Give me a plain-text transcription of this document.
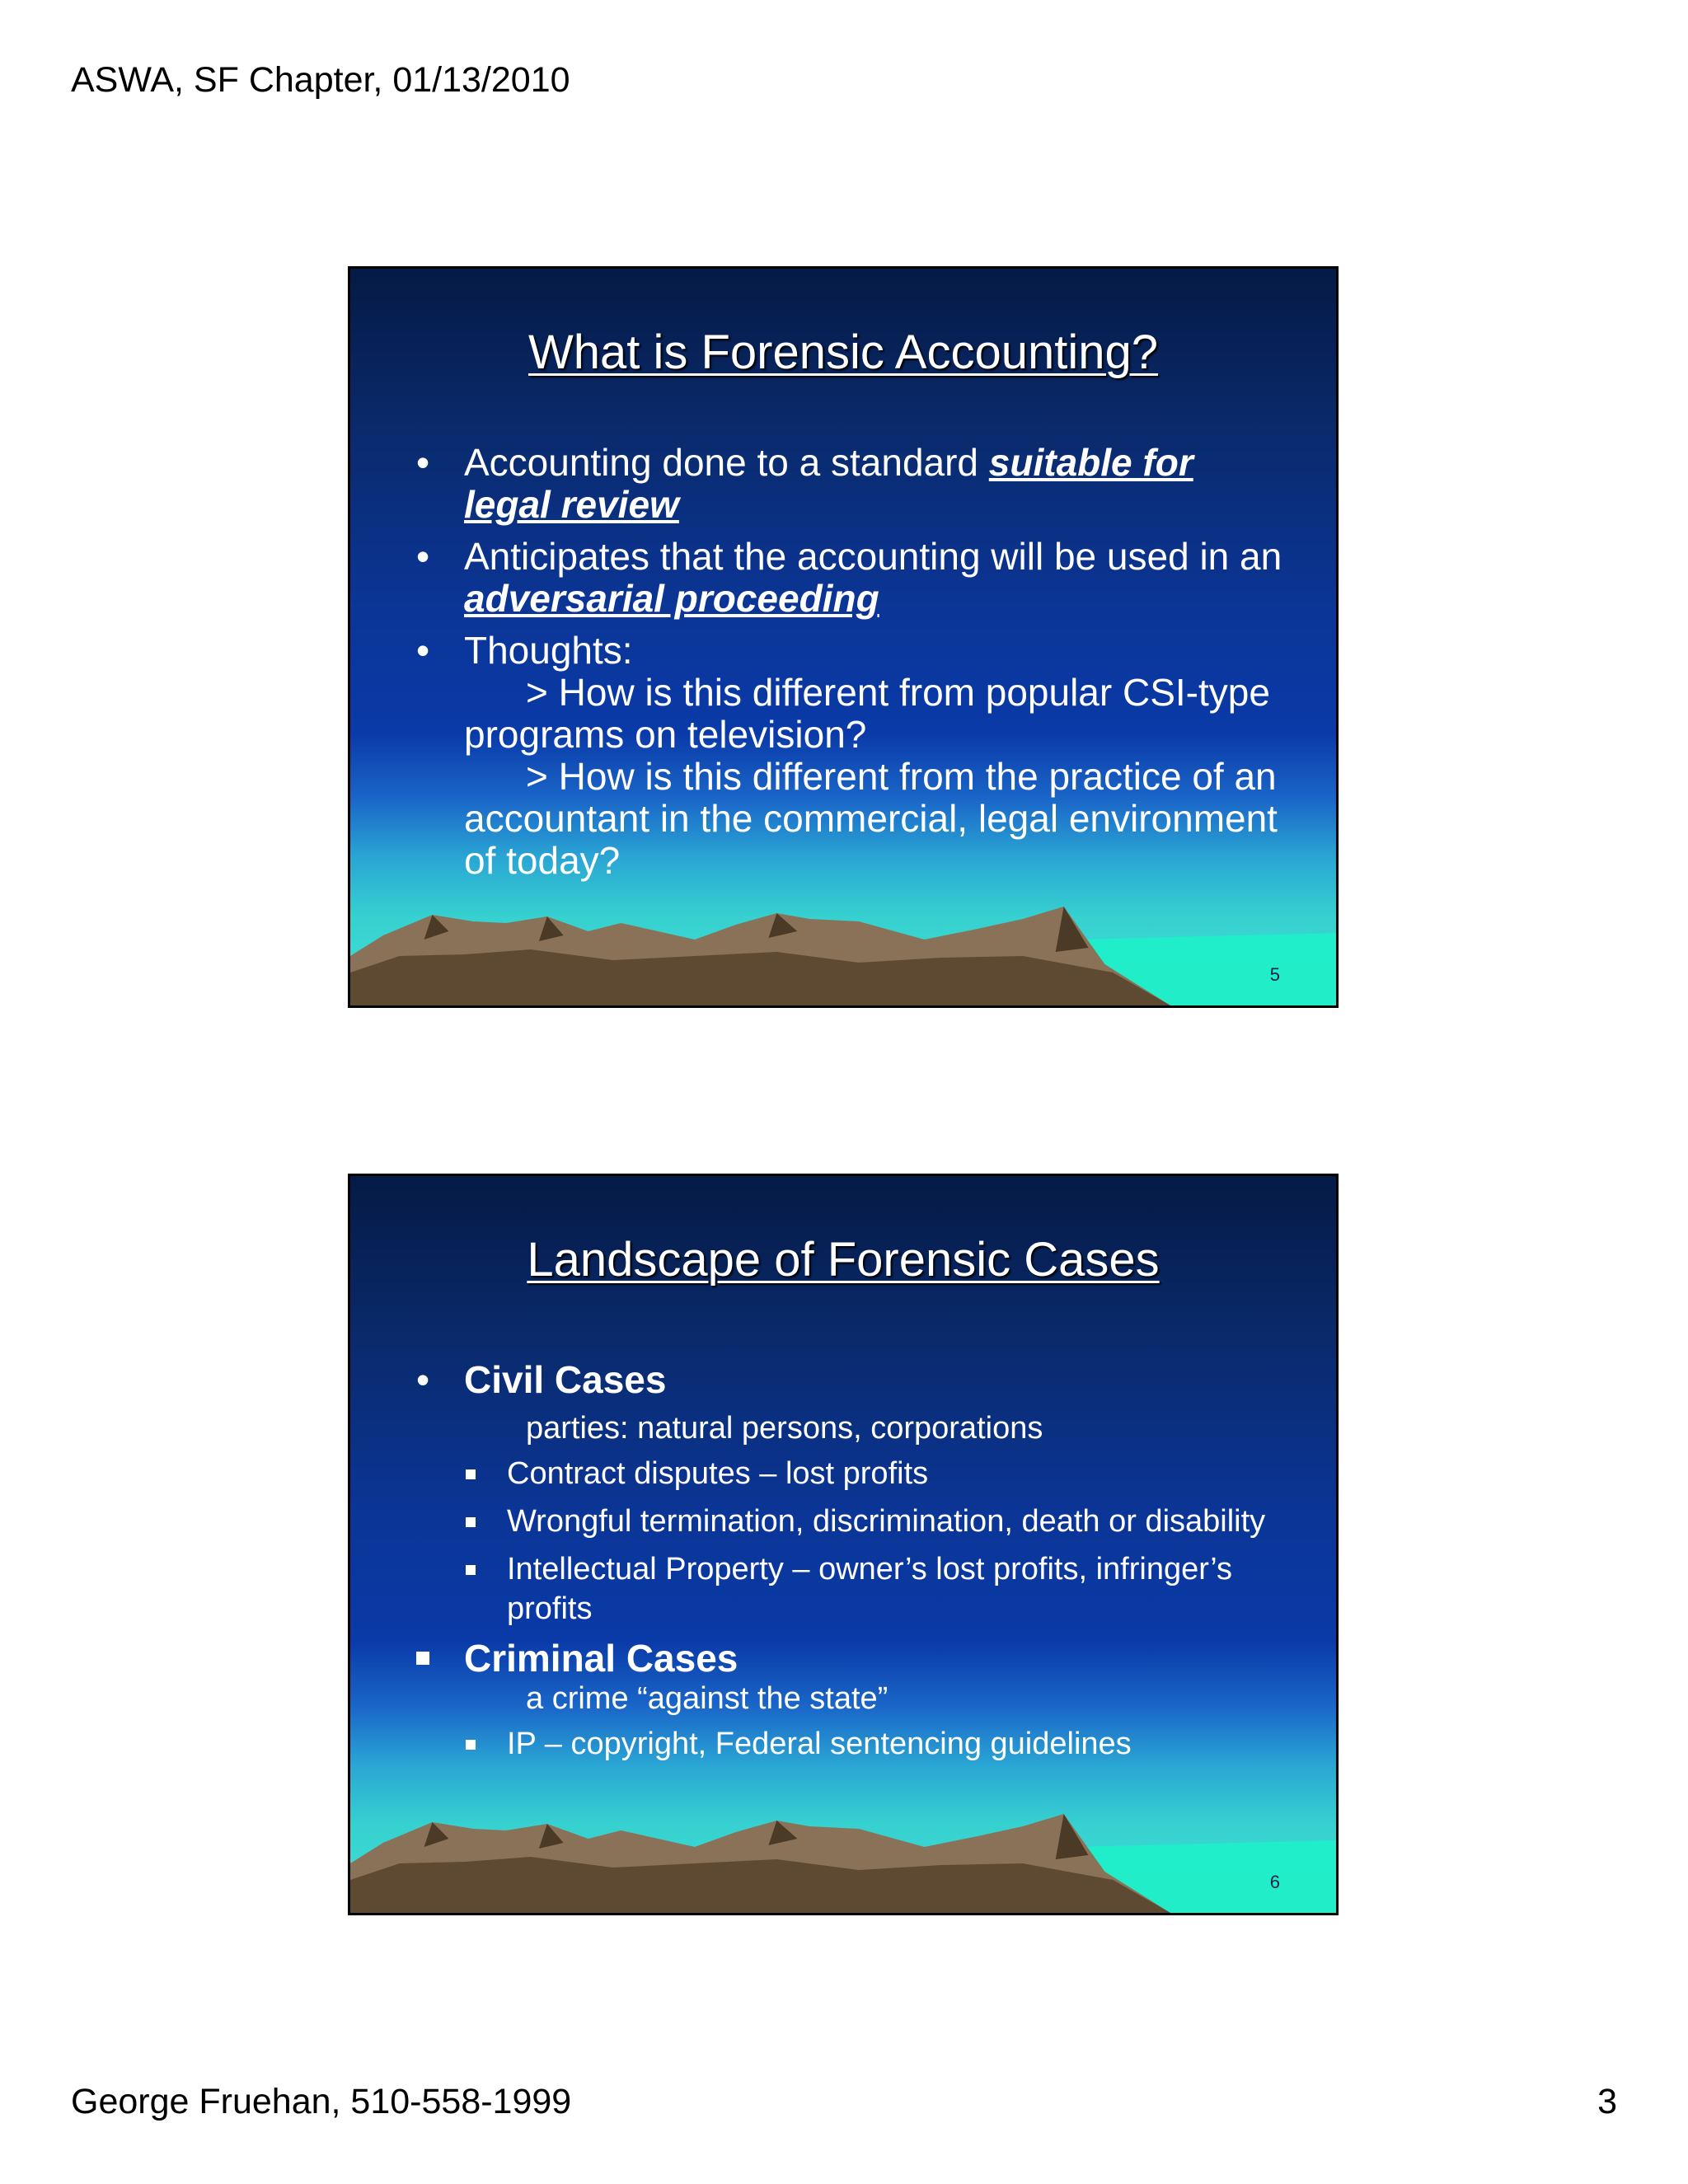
ASWA, SF Chapter, 01/13/2010
What is Forensic Accounting?
• Accounting done to a standard suitable for legal review
• Anticipates that the accounting will be used in an adversarial proceeding
• Thoughts:
> How is this different from popular CSI-type
programs on television?
> How is this different from the practice of an
accountant in the commercial, legal environment of today?
5
Landscape of Forensic Cases
• Civil Cases
parties: natural persons, corporations
Contract disputes – lost profits
Wrongful termination, discrimination, death or disability
Intellectual Property – owner’s lost profits, infringer’s profits
Criminal Cases
a crime “against the state”
IP – copyright, Federal sentencing guidelines
6
George Fruehan, 510-558-1999	3
